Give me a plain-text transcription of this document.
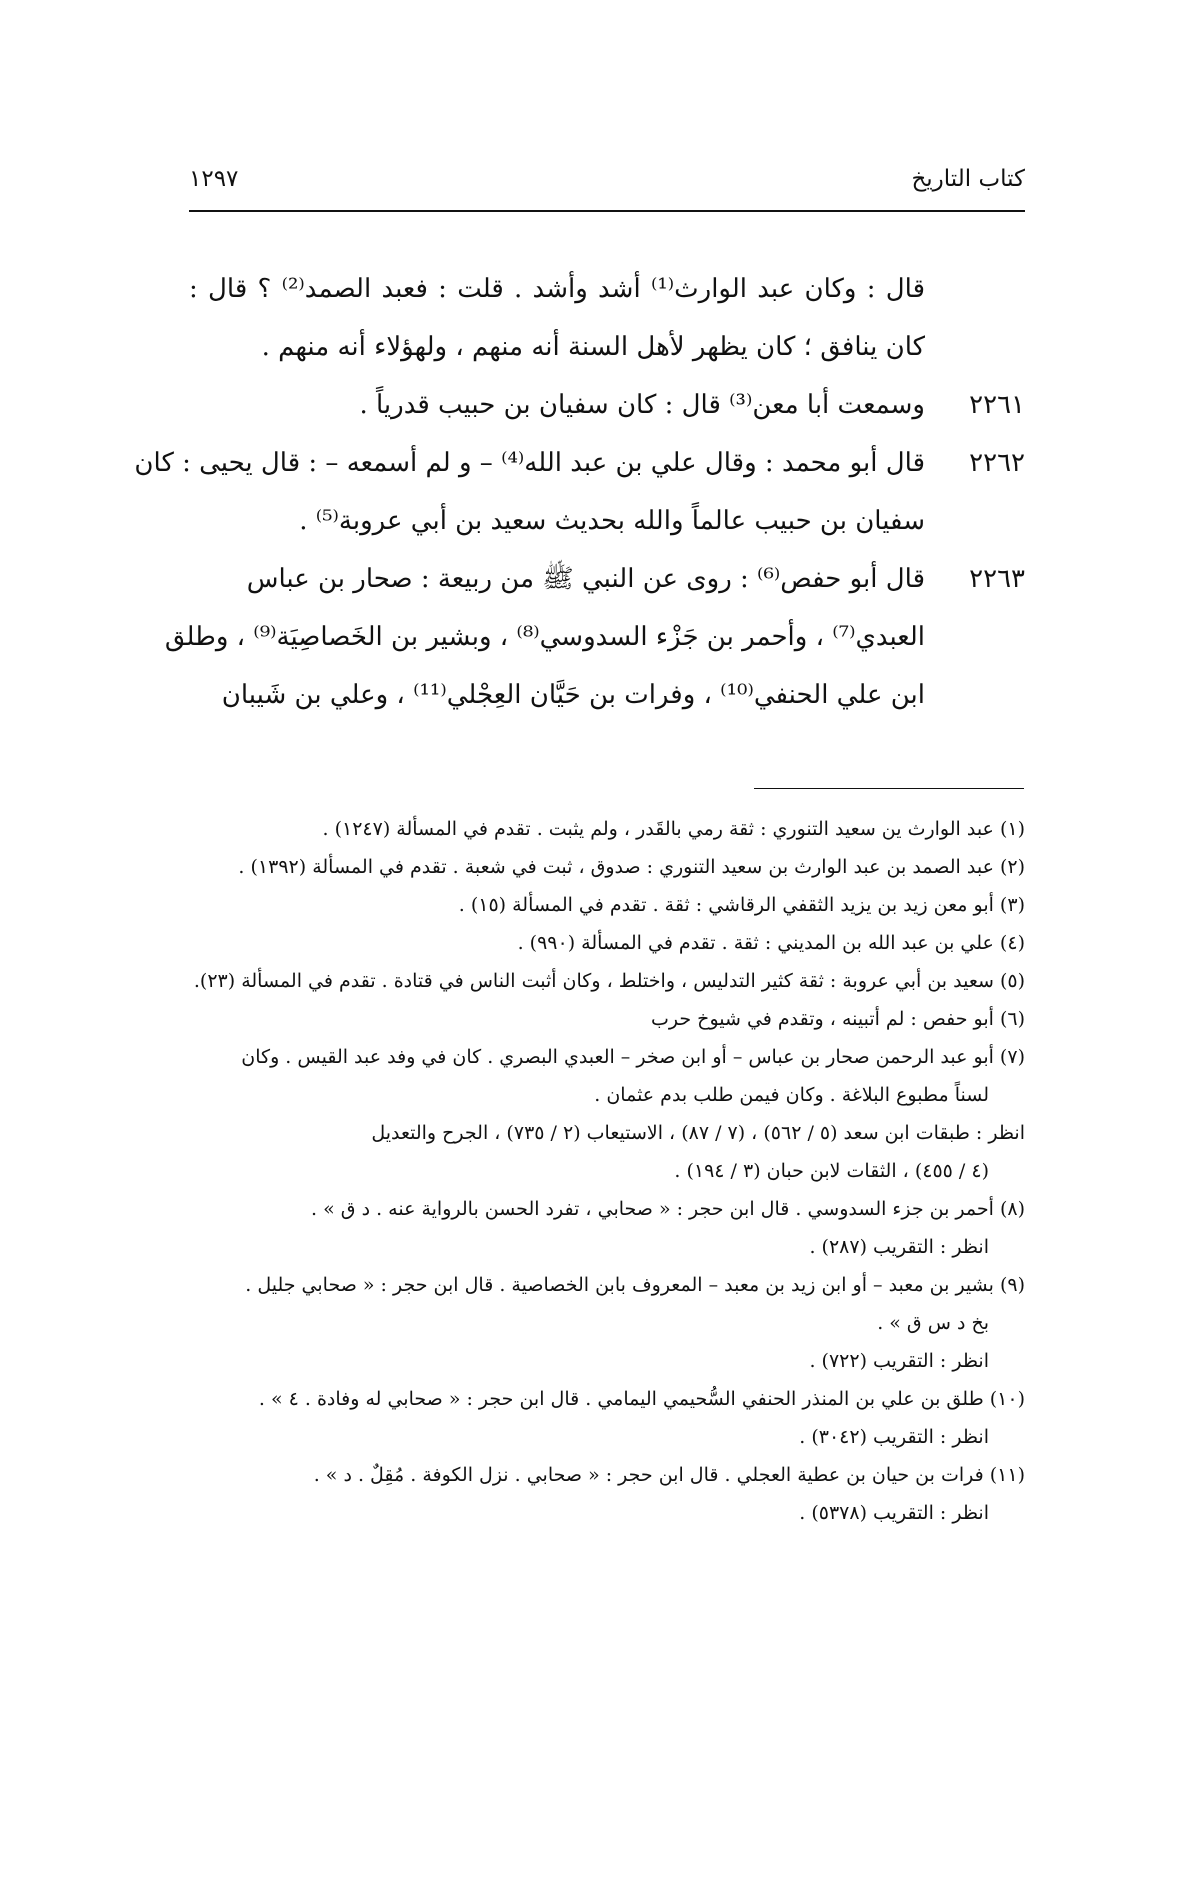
كتاب التاريخ
١٢٩٧
قال : وكان عبد الوارث⁽¹⁾ أشد وأشد . قلت : فعبد الصمد⁽²⁾ ؟ قال :
كان ينافق ؛ كان يظهر لأهل السنة أنه منهم ، ولهؤلاء أنه منهم .
٢٢٦١وسمعت أبا معن⁽³⁾ قال : كان سفيان بن حبيب قدرياً .
٢٢٦٢قال أبو محمد : وقال علي بن عبد الله⁽⁴⁾ – و لم أسمعه – : قال يحيى : كان
سفيان بن حبيب عالماً والله بحديث سعيد بن أبي عروبة⁽⁵⁾ .
٢٢٦٣قال أبو حفص⁽⁶⁾ : روى عن النبي ﷺ من ربيعة : صحار بن عباس
العبدي⁽⁷⁾ ، وأحمر بن جَزْء السدوسي⁽⁸⁾ ، وبشير بن الخَصاصِيَة⁽⁹⁾ ، وطلق
ابن علي الحنفي⁽¹⁰⁾ ، وفرات بن حَيَّان العِجْلي⁽¹¹⁾ ، وعلي بن شَيبان
(١) عبد الوارث ين سعيد التنوري : ثقة رمي بالقَدر ، ولم يثبت . تقدم في المسألة (١٢٤٧) .
(٢) عبد الصمد بن عبد الوارث بن سعيد التنوري : صدوق ، ثبت في شعبة . تقدم في المسألة (١٣٩٢) .
(٣) أبو معن زيد بن يزيد الثقفي الرقاشي : ثقة . تقدم في المسألة (١٥) .
(٤) علي بن عبد الله بن المديني : ثقة . تقدم في المسألة (٩٩٠) .
(٥) سعيد بن أبي عروبة : ثقة كثير التدليس ، واختلط ، وكان أثبت الناس في قتادة . تقدم في المسألة (٢٣).
(٦) أبو حفص : لم أتبينه ، وتقدم في شيوخ حرب
(٧) أبو عبد الرحمن صحار بن عباس – أو ابن صخر – العبدي البصري . كان في وفد عبد القيس . وكان
لسناً مطبوع البلاغة . وكان فيمن طلب بدم عثمان .
انظر : طبقات ابن سعد (٥ / ٥٦٢) ، (٧ / ٨٧) ، الاستيعاب (٢ / ٧٣٥) ، الجرح والتعديل
(٤ / ٤٥٥) ، الثقات لابن حبان (٣ / ١٩٤) .
(٨) أحمر بن جزء السدوسي . قال ابن حجر : « صحابي ، تفرد الحسن بالرواية عنه . د ق » .
انظر : التقريب (٢٨٧) .
(٩) بشير بن معبد – أو ابن زيد بن معبد – المعروف بابن الخصاصية . قال ابن حجر : « صحابي جليل .
بخ د س ق » .
انظر : التقريب (٧٢٢) .
(١٠) طلق بن علي بن المنذر الحنفي السُّحيمي اليمامي . قال ابن حجر : « صحابي له وفادة . ٤ » .
انظر : التقريب (٣٠٤٢) .
(١١) فرات بن حيان بن عطية العجلي . قال ابن حجر : « صحابي . نزل الكوفة . مُقِلٌ . د » .
انظر : التقريب (٥٣٧٨) .
